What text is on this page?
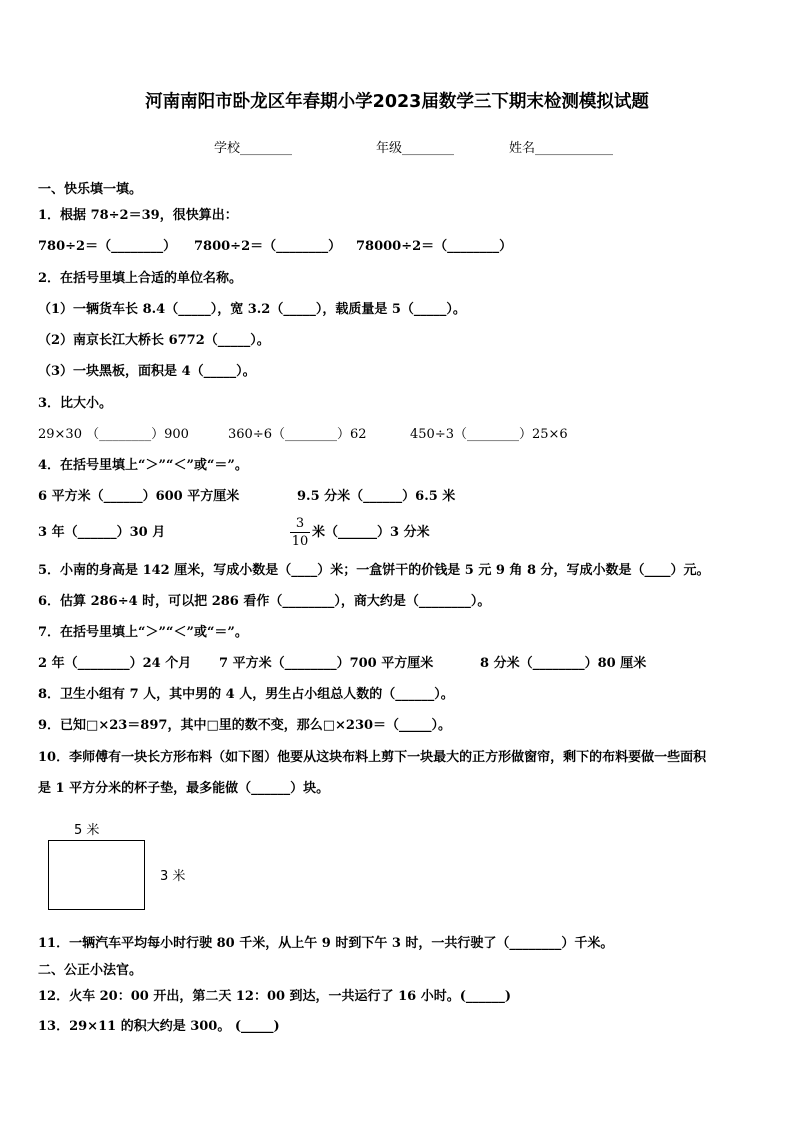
河南南阳市卧龙区年春期小学2023届数学三下期末检测模拟试题
学校________	年级________	姓名____________
一、快乐填一填。
1．根据 78÷2＝39，很快算出：
780÷2＝（________） 7800÷2＝（________） 78000÷2＝（________）
2．在括号里填上合适的单位名称。
（1）一辆货车长 8.4（_____），宽 3.2（_____），载质量是 5（_____）。
（2）南京长江大桥长 6772（_____）。
（3）一块黑板，面积是 4（_____）。
3．比大小。
29×30 （________）900	360÷6（________）62	450÷3（________）25×6
4．在括号里填上“＞”“＜”或“＝”。
6 平方米（______）600 平方厘米	9.5 分米（______）6.5 米
3 年（______）30 月	$\frac{3}{10}$ 米（______）3 分米
5．小南的身高是 142 厘米，写成小数是（____）米；一盒饼干的价钱是 5 元 9 角 8 分，写成小数是（____）元。
6．估算 286÷4 时，可以把 286 看作（________），商大约是（________）。
7．在括号里填上“＞”“＜”或“＝”。
2 年（________）24 个月 7 平方米（________）700 平方厘米	8 分米（________）80 厘米
8．卫生小组有 7 人，其中男的 4 人，男生占小组总人数的（______）。
9．已知□×23＝897，其中□里的数不变，那么□×230＝（_____）。
10．李师傅有一块长方形布料（如下图）他要从这块布料上剪下一块最大的正方形做窗帘，剩下的布料要做一些面积
是 1 平方分米的杯子垫，最多能做（______）块。
5 米
3 米
11．一辆汽车平均每小时行驶 80 千米，从上午 9 时到下午 3 时，一共行驶了（________）千米。
二、公正小法官。
12．火车 20：00 开出，第二天 12：00 到达，一共运行了 16 小时。(______)
13．29×11 的积大约是 300。 (_____)
